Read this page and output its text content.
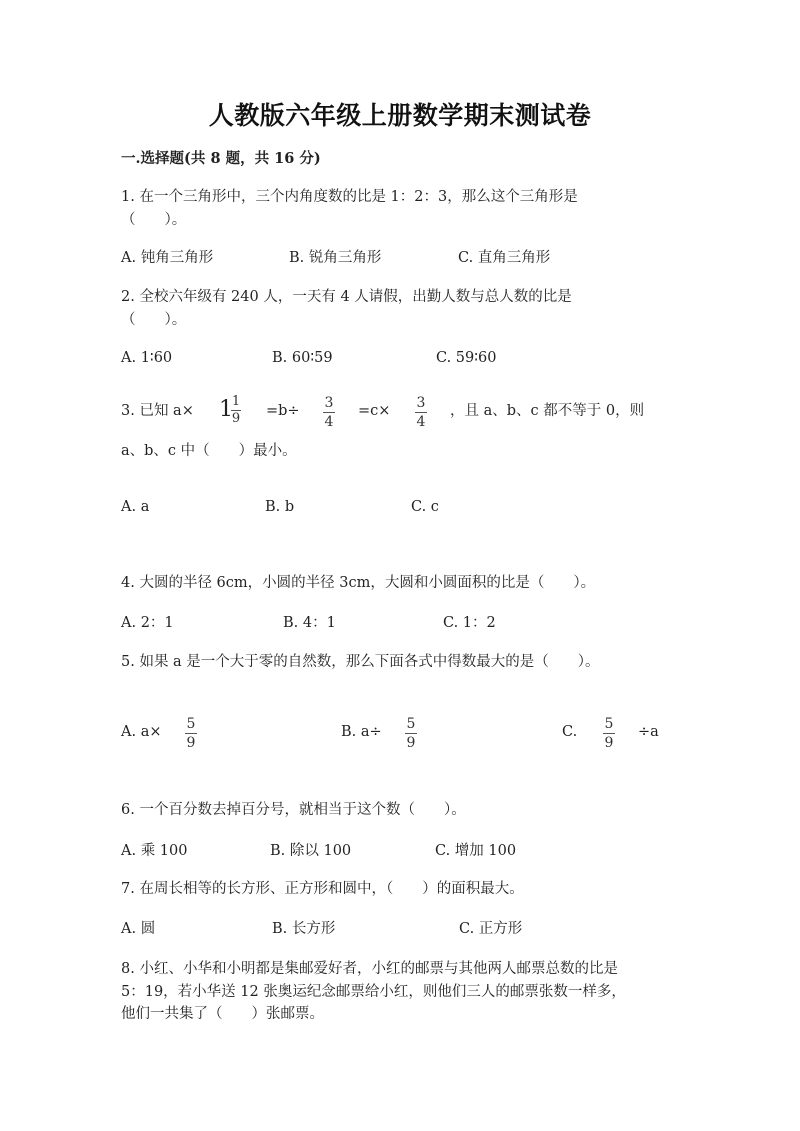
人教版六年级上册数学期末测试卷
一.选择题(共 8 题，共 16 分)
1. 在一个三角形中，三个内角度数的比是 1：2：3，那么这个三角形是
（　　）。
A. 钝角三角形	B. 锐角三角形	C. 直角三角形
2. 全校六年级有 240 人，一天有 4 人请假，出勤人数与总人数的比是
（　　）。
A. 1∶60	B. 60∶59	C. 59∶60
3. 已知 a× 1
1
9 =b÷ 3
4
=c× 3
4
，且 a、b、c 都不等于 0，则
a、b、c 中（　　）最小。
A. a	B. b	C. c
4. 大圆的半径 6cm，小圆的半径 3cm，大圆和小圆面积的比是（　　）。
A. 2：1	B. 4：1	C. 1：2
5. 如果 a 是一个大于零的自然数，那么下面各式中得数最大的是（　　）。
A. a× 5
9
B. a÷ 5
9
C. 5
9
÷a
6. 一个百分数去掉百分号，就相当于这个数（　　）。
A. 乘 100	B. 除以 100	C. 增加 100
7. 在周长相等的长方形、正方形和圆中，（　　）的面积最大。
A. 圆	B. 长方形	C. 正方形
8. 小红、小华和小明都是集邮爱好者，小红的邮票与其他两人邮票总数的比是
5：19，若小华送 12 张奥运纪念邮票给小红，则他们三人的邮票张数一样多，
他们一共集了（　　）张邮票。
